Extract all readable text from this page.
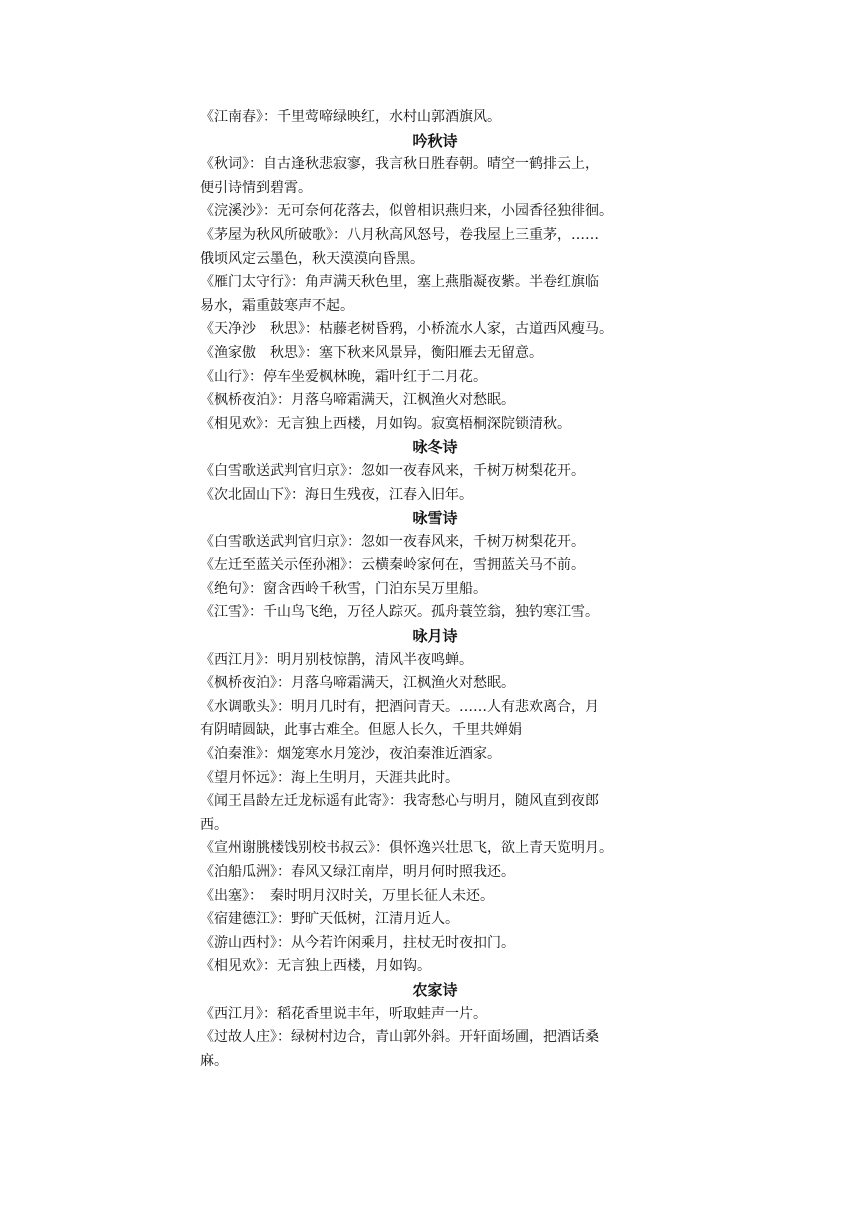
《江南春》：千里莺啼绿映红，水村山郭酒旗风。
吟秋诗
《秋词》：自古逢秋悲寂寥，我言秋日胜春朝。晴空一鹤排云上，
便引诗情到碧霄。
《浣溪沙》：无可奈何花落去，似曾相识燕归来，小园香径独徘徊。
《茅屋为秋风所破歌》：八月秋高风怒号，卷我屋上三重茅，……
俄顷风定云墨色，秋天漠漠向昏黑。
《雁门太守行》：角声满天秋色里，塞上燕脂凝夜紫。半卷红旗临
易水，霜重鼓寒声不起。
《天净沙　秋思》：枯藤老树昏鸦，小桥流水人家，古道西风瘦马。
《渔家傲　秋思》：塞下秋来风景异，衡阳雁去无留意。
《山行》：停车坐爱枫林晚，霜叶红于二月花。
《枫桥夜泊》：月落乌啼霜满天，江枫渔火对愁眠。
《相见欢》：无言独上西楼，月如钩。寂寞梧桐深院锁清秋。
咏冬诗
《白雪歌送武判官归京》：忽如一夜春风来，千树万树梨花开。
《次北固山下》：海日生残夜，江春入旧年。
咏雪诗
《白雪歌送武判官归京》：忽如一夜春风来，千树万树梨花开。
《左迁至蓝关示侄孙湘》：云横秦岭家何在，雪拥蓝关马不前。
《绝句》：窗含西岭千秋雪，门泊东吴万里船。
《江雪》：千山鸟飞绝，万径人踪灭。孤舟蓑笠翁，独钓寒江雪。
咏月诗
《西江月》：明月别枝惊鹊，清风半夜鸣蝉。
《枫桥夜泊》：月落乌啼霜满天，江枫渔火对愁眠。
《水调歌头》：明月几时有，把酒问青天。……人有悲欢离合，月
有阴晴圆缺，此事古难全。但愿人长久，千里共婵娟
《泊秦淮》：烟笼寒水月笼沙，夜泊秦淮近酒家。
《望月怀远》：海上生明月，天涯共此时。
《闻王昌龄左迁龙标遥有此寄》：我寄愁心与明月，随风直到夜郎
西。
《宣州谢朓楼饯别校书叔云》：俱怀逸兴壮思飞，欲上青天览明月。
《泊船瓜洲》：春风又绿江南岸，明月何时照我还。
《出塞》：　秦时明月汉时关，万里长征人未还。
《宿建德江》：野旷天低树，江清月近人。
《游山西村》：从今若许闲乘月，拄杖无时夜扣门。
《相见欢》：无言独上西楼，月如钩。
农家诗
《西江月》：稻花香里说丰年，听取蛙声一片。
《过故人庄》：绿树村边合，青山郭外斜。开轩面场圃，把酒话桑
麻。
